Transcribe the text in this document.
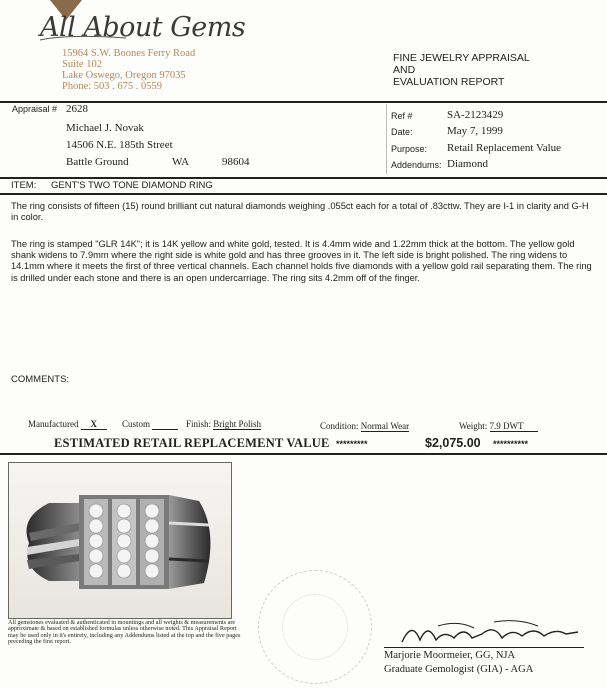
All About Gems
15964 S.W. Boones Ferry Road
Suite 102
Lake Oswego, Oregon 97035
Phone: 503 . 675 . 0559
FINE JEWELRY APPRAISAL
AND
EVALUATION REPORT
Appraisal # 2628
Michael J. Novak
14506 N.E. 185th Street
Battle Ground	WA	98604
Ref #	SA-2123429
Date:	May 7, 1999
Purpose: Retail Replacement Value
Addendums: Diamond
ITEM: GENT'S TWO TONE DIAMOND RING
The ring consists of fifteen (15) round brilliant cut natural diamonds weighing .055ct each for a total of .83cttw. They are I-1 in clarity and G-H in color.
The ring is stamped "GLR 14K"; it is 14K yellow and white gold, tested. It is 4.4mm wide and 1.22mm thick at the bottom. The yellow gold shank widens to 7.9mm where the right side is white gold and has three grooves in it. The left side is bright polished. The ring widens to 14.1mm where it meets the first of three vertical channels. Each channel holds five diamonds with a yellow gold rail separating them. The ring is drilled under each stone and there is an open undercarriage. The ring sits 4.2mm off of the finger.
COMMENTS:
Manufactured X	Custom	Finish: Bright Polish	Condition: Normal Wear	Weight: 7.9 DWT
ESTIMATED RETAIL REPLACEMENT VALUE *********	$2,075.00 **********
All gemstones evaluated & authenticated in mountings and all weights & measurements are approximate & based on established formulas unless otherwise noted. This Appraisal Report may be used only in it's entirety, including any Addendums listed at the top and the five pages preceding the first report.
Marjorie Moormeier, GG, NJA
Graduate Gemologist (GIA) - AGA
